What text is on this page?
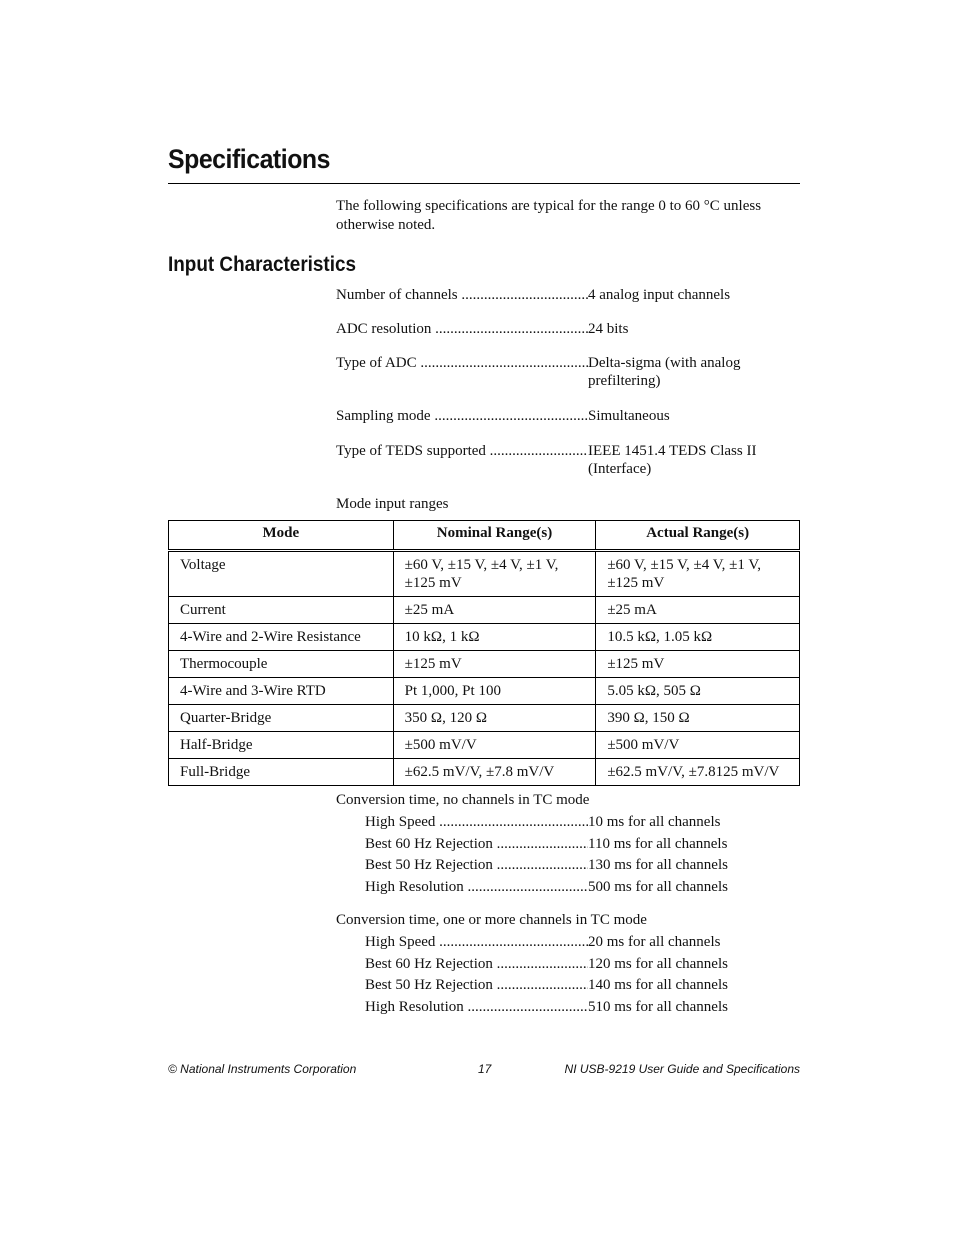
Specifications
The following specifications are typical for the range 0 to 60 °C unless otherwise noted.
Input Characteristics
Number of channels .....	4 analog input channels
ADC resolution .....	24 bits
Type of ADC .....	Delta-sigma (with analog prefiltering)
Sampling mode .....	Simultaneous
Type of TEDS supported .....	IEEE 1451.4 TEDS Class II (Interface)
Mode input ranges
Mode	Nominal Range(s)	Actual Range(s)
Voltage	±60 V, ±15 V, ±4 V, ±1 V, ±125 mV	±60 V, ±15 V, ±4 V, ±1 V, ±125 mV
Current	±25 mA	±25 mA
4-Wire and 2-Wire Resistance	10 kΩ, 1 kΩ	10.5 kΩ, 1.05 kΩ
Thermocouple	±125 mV	±125 mV
4-Wire and 3-Wire RTD	Pt 1,000, Pt 100	5.05 kΩ, 505 Ω
Quarter-Bridge	350 Ω, 120 Ω	390 Ω, 150 Ω
Half-Bridge	±500 mV/V	±500 mV/V
Full-Bridge	±62.5 mV/V, ±7.8 mV/V	±62.5 mV/V, ±7.8125 mV/V
Conversion time, no channels in TC mode
High Speed .....	10 ms for all channels
Best 60 Hz Rejection .....	110 ms for all channels
Best 50 Hz Rejection .....	130 ms for all channels
High Resolution .....	500 ms for all channels
Conversion time, one or more channels in TC mode
High Speed .....	20 ms for all channels
Best 60 Hz Rejection .....	120 ms for all channels
Best 50 Hz Rejection .....	140 ms for all channels
High Resolution .....	510 ms for all channels
© National Instruments Corporation	17	NI USB-9219 User Guide and Specifications
